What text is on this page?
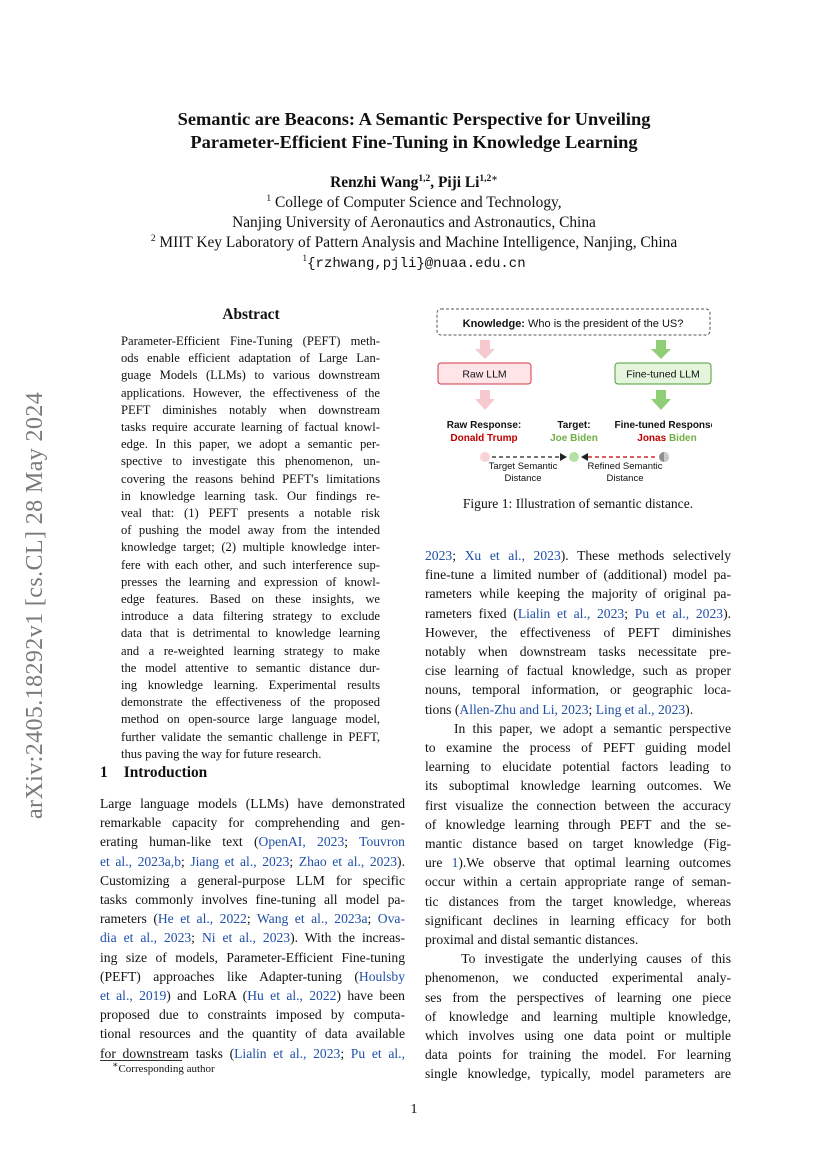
arXiv:2405.18292v1 [cs.CL] 28 May 2024
Semantic are Beacons: A Semantic Perspective for Unveiling
Parameter-Efficient Fine-Tuning in Knowledge Learning
Renzhi Wang$^{1,2}$, Piji $Li^{1,2∗}$
$^1$ College of Computer Science and Technology,
Nanjing University of Aeronautics and Astronautics, China
$^2$ MIIT Key Laboratory of Pattern Analysis and Machine Intelligence, Nanjing, China
$^1${rzhwang,pjli}@nuaa.edu.cn
Abstract
Parameter-Efficient Fine-Tuning (PEFT) meth-
ods enable efficient adaptation of Large Lan-
guage Models (LLMs) to various downstream
applications. However, the effectiveness of the
PEFT diminishes notably when downstream
tasks require accurate learning of factual knowl-
edge. In this paper, we adopt a semantic per-
spective to investigate this phenomenon, un-
covering the reasons behind PEFT's limitations
in knowledge learning task. Our findings re-
veal that: (1) PEFT presents a notable risk
of pushing the model away from the intended
knowledge target; (2) multiple knowledge inter-
fere with each other, and such interference sup-
presses the learning and expression of knowl-
edge features. Based on these insights, we
introduce a data filtering strategy to exclude
data that is detrimental to knowledge learning
and a re-weighted learning strategy to make
the model attentive to semantic distance dur-
ing knowledge learning. Experimental results
demonstrate the effectiveness of the proposed
method on open-source large language model,
further validate the semantic challenge in PEFT,
thus paving the way for future research.
1 Introduction
Large language models (LLMs) have demonstrated
remarkable capacity for comprehending and gen-
erating human-like text (OpenAI, 2023; Touvron
et al., 2023a,b; Jiang et al., 2023; Zhao et al., 2023).
Customizing a general-purpose LLM for specific
tasks commonly involves fine-tuning all model pa-
rameters (He et al., 2022; Wang et al., 2023a; Ova-
dia et al., 2023; Ni et al., 2023). With the increas-
ing size of models, Parameter-Efficient Fine-tuning
(PEFT) approaches like Adapter-tuning (Houlsby
et al., 2019) and LoRA (Hu et al., 2022) have been
proposed due to constraints imposed by computa-
tional resources and the quantity of data available
for downstream tasks (Lialin et al., 2023; Pu et al.,
∗Corresponding author
Knowledge: Who is the president of the US?
Raw LLM	Fine-tuned LLM
Raw Response:
Donald Trump
Target:
Joe Biden
Fine-tuned Response:
Jonas Biden
Target Semantic
Distance
Refined Semantic
Distance
Figure 1: Illustration of semantic distance.
2023; Xu et al., 2023). These methods selectively
fine-tune a limited number of (additional) model pa-
rameters while keeping the majority of original pa-
rameters fixed (Lialin et al., 2023; Pu et al., 2023).
However, the effectiveness of PEFT diminishes
notably when downstream tasks necessitate pre-
cise learning of factual knowledge, such as proper
nouns, temporal information, or geographic loca-
tions (Allen-Zhu and Li, 2023; Ling et al., 2023).
In this paper, we adopt a semantic perspective
to examine the process of PEFT guiding model
learning to elucidate potential factors leading to
its suboptimal knowledge learning outcomes. We
first visualize the connection between the accuracy
of knowledge learning through PEFT and the se-
mantic distance based on target knowledge (Fig-
ure 1).We observe that optimal learning outcomes
occur within a certain appropriate range of seman-
tic distances from the target knowledge, whereas
significant declines in learning efficacy for both
proximal and distal semantic distances.
To investigate the underlying causes of this
phenomenon, we conducted experimental analy-
ses from the perspectives of learning one piece
of knowledge and learning multiple knowledge,
which involves using one data point or multiple
data points for training the model. For learning
single knowledge, typically, model parameters are
1
